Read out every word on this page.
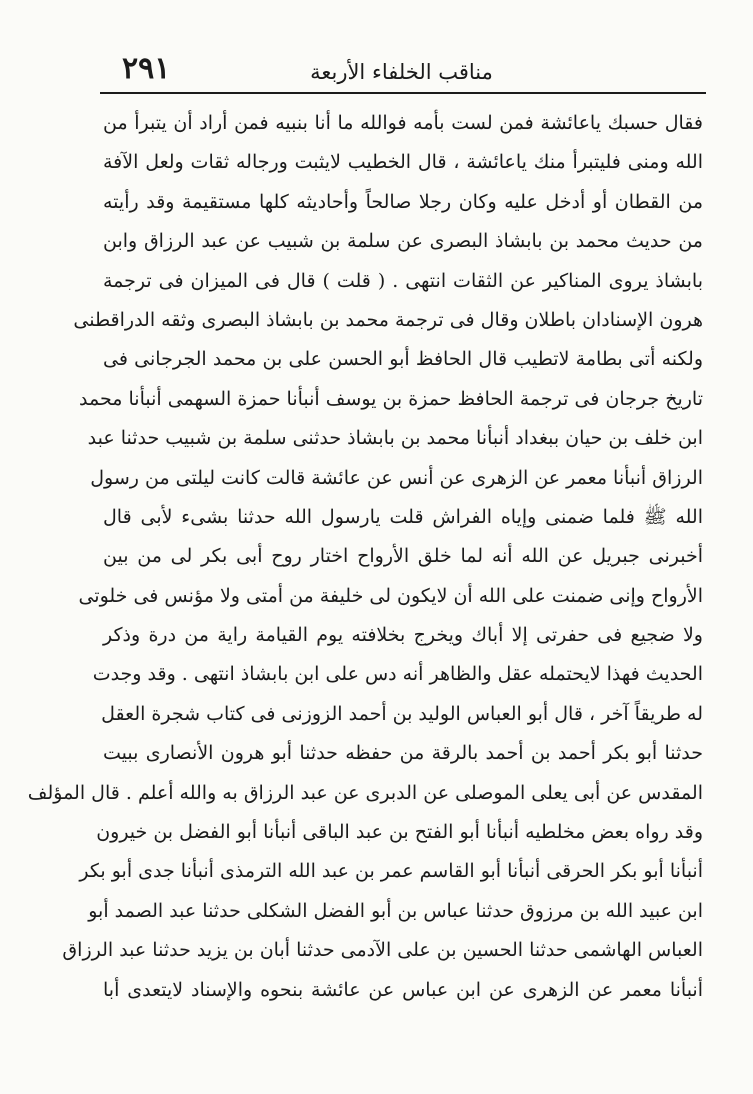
٢٩١	مناقب الخلفاء الأربعة
فقال حسبك ياعائشة فمن لست بأمه فوالله ما أنا بنبيه فمن أراد أن يتبرأ من
الله ومنى فليتبرأ منك ياعائشة ، قال الخطيب لايثبت ورجاله ثقات ولعل الآفة
من القطان أو أدخل عليه وكان رجلا صالحاً وأحاديثه كلها مستقيمة وقد رأيته
من حديث محمد بن بابشاذ البصرى عن سلمة بن شبيب عن عبد الرزاق وابن
بابشاذ يروى المناكير عن الثقات انتهى . ( قلت ) قال فى الميزان فى ترجمة
هرون الإسنادان باطلان وقال فى ترجمة محمد بن بابشاذ البصرى وثقه الدراقطنى
ولكنه أتى بطامة لاتطيب قال الحافظ أبو الحسن على بن محمد الجرجانى فى
تاريخ جرجان فى ترجمة الحافظ حمزة بن يوسف أنبأنا حمزة السهمى أنبأنا محمد
ابن خلف بن حيان ببغداد أنبأنا محمد بن بابشاذ حدثنى سلمة بن شبيب حدثنا عبد
الرزاق أنبأنا معمر عن الزهرى عن أنس عن عائشة قالت كانت ليلتى من رسول
الله ﷺ فلما ضمنى وإياه الفراش قلت يارسول الله حدثنا بشىء لأبى قال
أخبرنى جبريل عن الله أنه لما خلق الأرواح اختار روح أبى بكر لى من بين
الأرواح وإنى ضمنت على الله أن لايكون لى خليفة من أمتى ولا مؤنس فى خلوتى
ولا ضجيع فى حفرتى إلا أباك ويخرج بخلافته يوم القيامة راية من درة وذكر
الحديث فهذا لايحتمله عقل والظاهر أنه دس على ابن بابشاذ انتهى . وقد وجدت
له طريقاً آخر ، قال أبو العباس الوليد بن أحمد الزوزنى فى كتاب شجرة العقل
حدثنا أبو بكر أحمد بن أحمد بالرقة من حفظه حدثنا أبو هرون الأنصارى ببيت
المقدس عن أبى يعلى الموصلى عن الدبرى عن عبد الرزاق به والله أعلم . قال المؤلف
وقد رواه بعض مخلطيه أنبأنا أبو الفتح بن عبد الباقى أنبأنا أبو الفضل بن خيرون
أنبأنا أبو بكر الحرقى أنبأنا أبو القاسم عمر بن عبد الله الترمذى أنبأنا جدى أبو بكر
ابن عبيد الله بن مرزوق حدثنا عباس بن أبو الفضل الشكلى حدثنا عبد الصمد أبو
العباس الهاشمى حدثنا الحسين بن على الآدمى حدثنا أبان بن يزيد حدثنا عبد الرزاق
أنبأنا معمر عن الزهرى عن ابن عباس عن عائشة بنحوه والإسناد لايتعدى أبا
